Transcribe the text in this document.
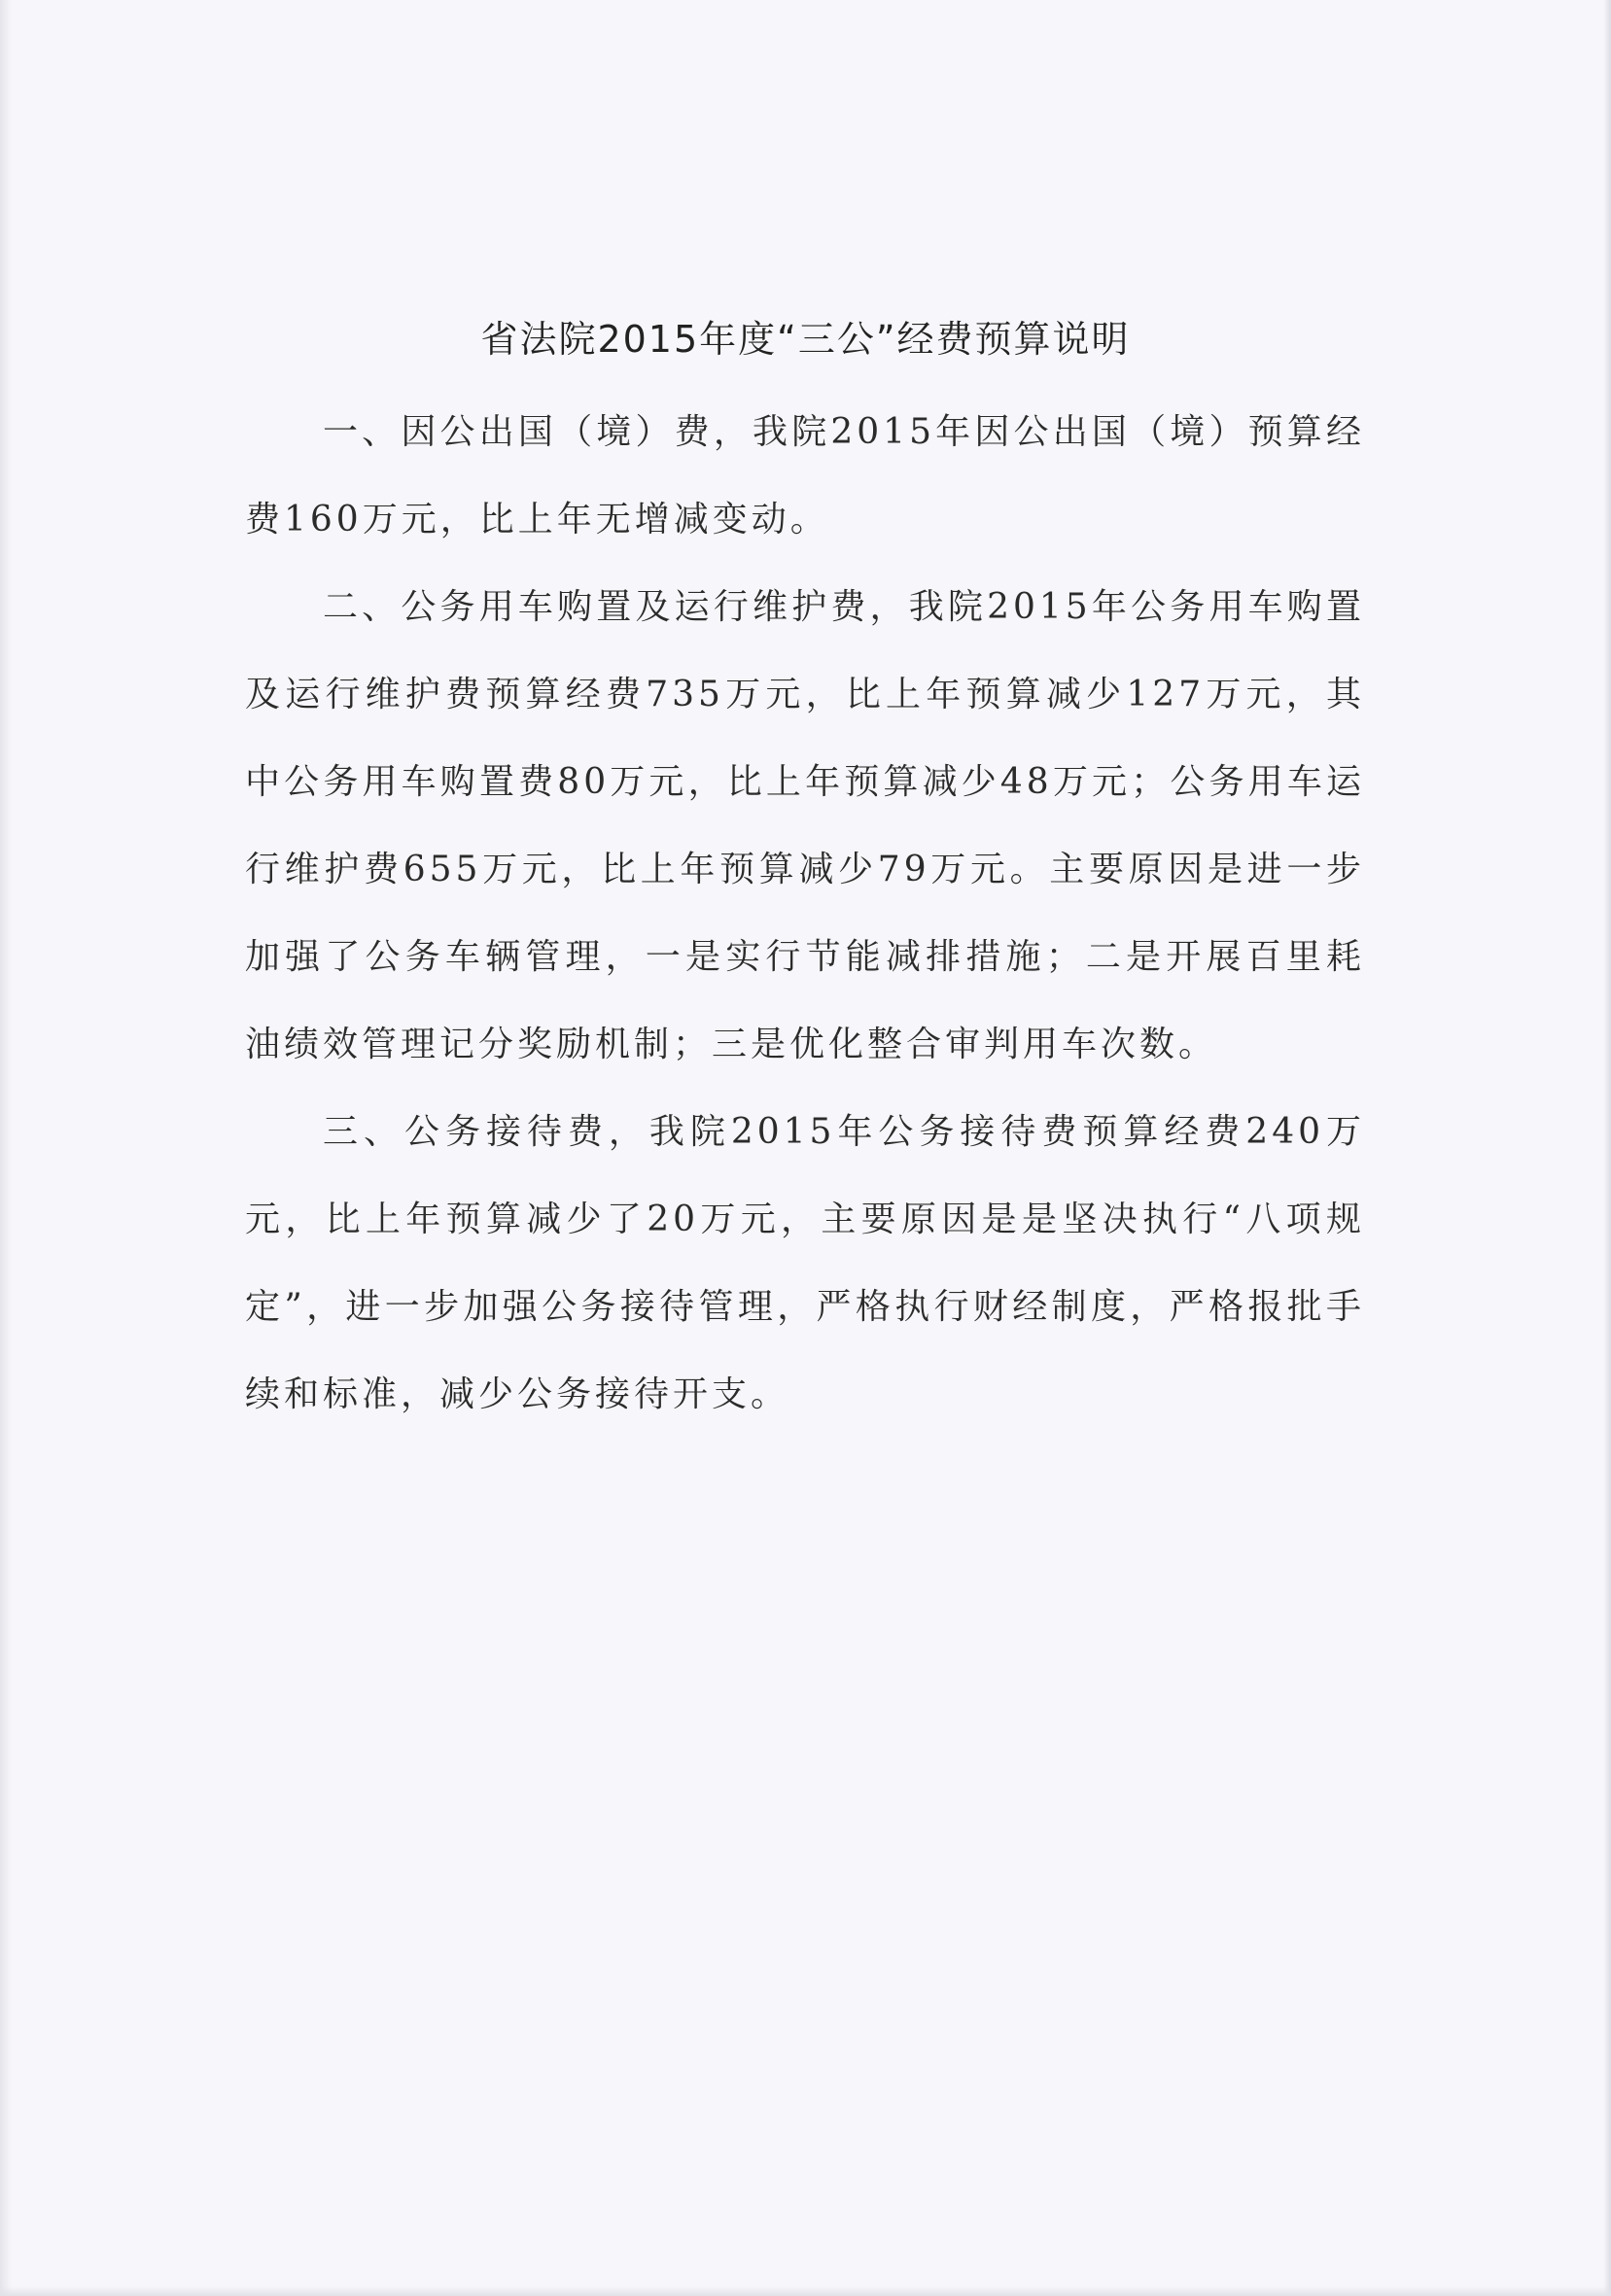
省法院2015年度“三公”经费预算说明

一、因公出国（境）费，我院2015年因公出国（境）预算经费160万元，比上年无增减变动。

二、公务用车购置及运行维护费，我院2015年公务用车购置及运行维护费预算经费735万元，比上年预算减少127万元，其中公务用车购置费80万元，比上年预算减少48万元；公务用车运行维护费655万元，比上年预算减少79万元。主要原因是进一步加强了公务车辆管理，一是实行节能减排措施；二是开展百里耗油绩效管理记分奖励机制；三是优化整合审判用车次数。

三、公务接待费，我院2015年公务接待费预算经费240万元，比上年预算减少了20万元，主要原因是是坚决执行“八项规定”，进一步加强公务接待管理，严格执行财经制度，严格报批手续和标准，减少公务接待开支。
